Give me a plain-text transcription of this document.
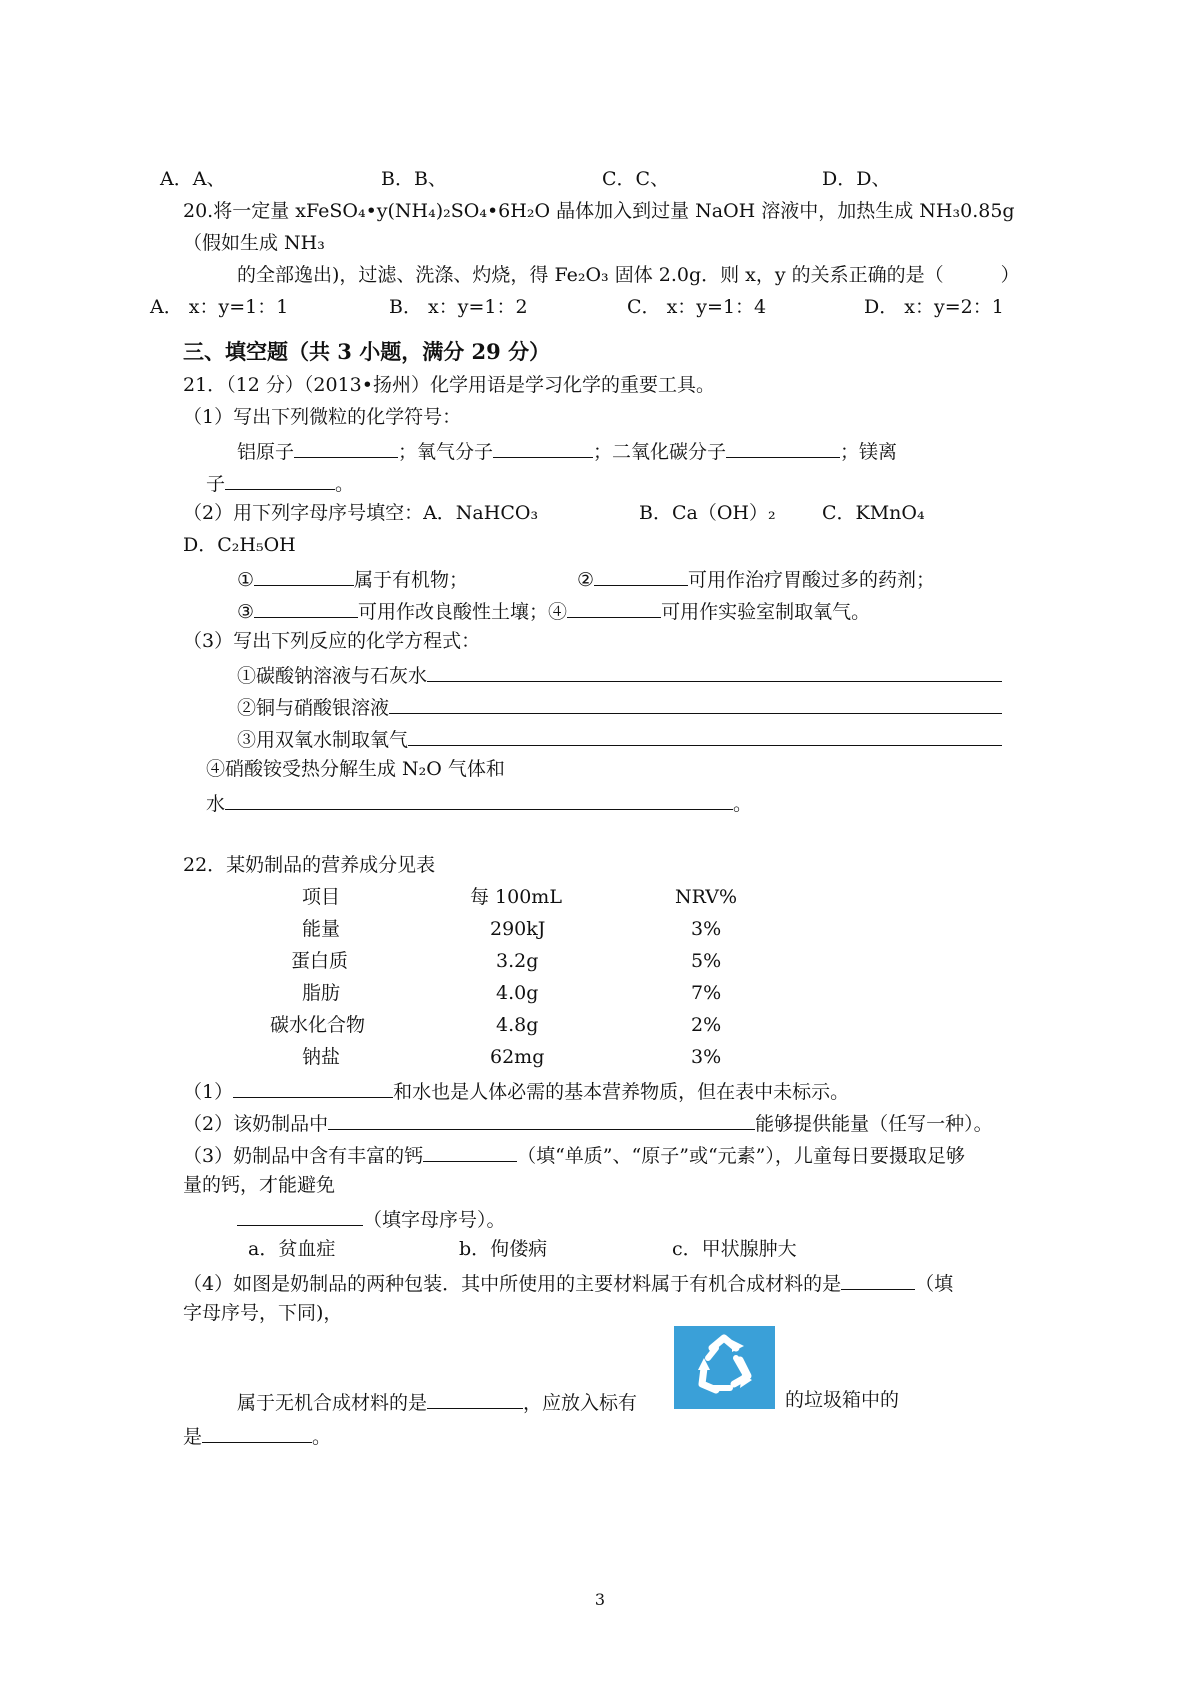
A．A、	B．B、	C．C、	D．D、
20.将一定量 xFeSO₄•y(NH₄)₂SO₄•6H₂O 晶体加入到过量 NaOH 溶液中，加热生成 NH₃0.85g
（假如生成 NH₃
的全部逸出)，过滤、洗涤、灼烧，得 Fe₂O₃ 固体 2.0g．则 x，y 的关系正确的是（　　　）
A． x：y=1：1	B． x：y=1：2	C． x：y=1：4	D． x：y=2：1
三、填空题（共 3 小题，满分 29 分）
21．（12 分）（2013•扬州）化学用语是学习化学的重要工具。
（1）写出下列微粒的化学符号：
铝原子	；氧气分子	；二氧化碳分子	；镁离
子	。
（2）用下列字母序号填空：A．NaHCO₃	B．Ca（OH）₂ C．KMnO₄
D．C₂H₅OH
①	属于有机物；	②	可用作治疗胃酸过多的药剂；
③	可用作改良酸性土壤；④	可用作实验室制取氧气。
（3）写出下列反应的化学方程式：
①碳酸钠溶液与石灰水
②铜与硝酸银溶液
③用双氧水制取氧气
④硝酸铵受热分解生成 N₂O 气体和
水	。
22．某奶制品的营养成分见表
项目	每 100mL	NRV%
能量	290kJ	3%
蛋白质	3.2g	5%
脂肪	4.0g	7%
碳水化合物	4.8g	2%
钠盐	62mg	3%
（1）	和水也是人体必需的基本营养物质，但在表中未标示。
（2）该奶制品中	能够提供能量（任写一种）。
（3）奶制品中含有丰富的钙	（填“单质”、“原子”或“元素”），儿童每日要摄取足够
量的钙，才能避免
（填字母序号）。
a．贫血症	b．佝偻病	c．甲状腺肿大
（4）如图是奶制品的两种包装．其中所使用的主要材料属于有机合成材料的是	（填
字母序号，下同)，
属于无机合成材料的是	，应放入标有	的垃圾箱中的
是	。
3
